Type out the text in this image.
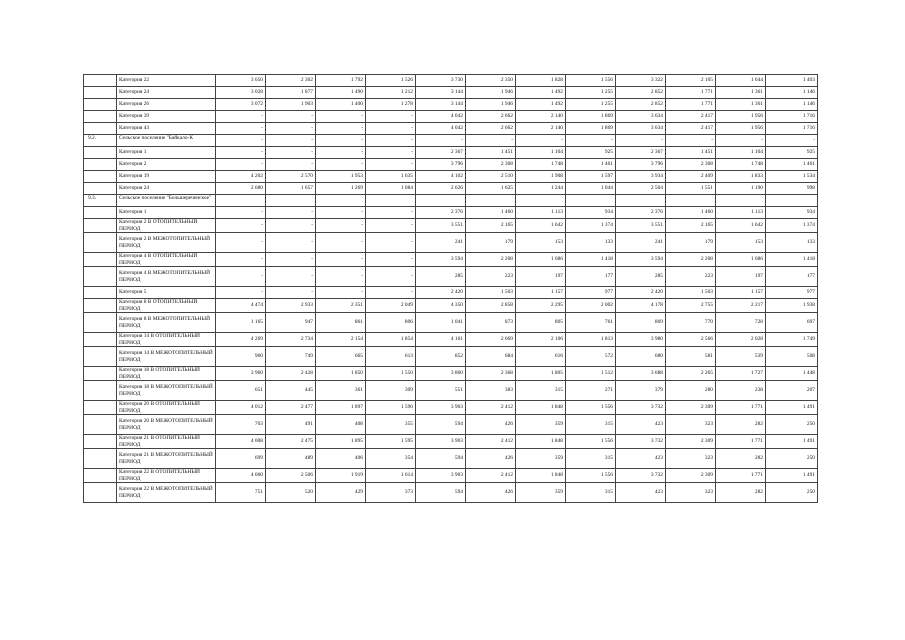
	Категория 22	3 650	2 302	1 792	1 526	3 730	2 350	1 828	1 556	3 322	2 105	1 644	1 403
	Категория 24	3 028	1 877	1 490	1 212	3 144	1 946	1 492	1 255	2 852	1 771	1 361	1 146
	Категория 26	3 072	1 903	1 400	1 278	3 144	1 946	1 492	1 255	2 852	1 771	1 361	1 146
	Категория 39	-	-	-	-	4 042	2 662	2 140	1 869	3 634	2 417	1 956	1 716
	Категория 43	-	-	-	-	4 042	2 662	2 140	1 869	3 634	2 417	1 956	1 716
9.2.	Сельское поселение "Байкало-К	-	-	-	-	-	-	-	-	-	-	-	-
	Категория 1	-	-	-	-	2 367	1 451	1 104	925	2 367	1 451	1 104	925
	Категория 2	-	-	-	-	3 796	2 308	1 748	1 461	3 796	2 308	1 748	1 461
	Категория 19	4 202	2 570	1 953	1 635	4 102	2 510	1 908	1 597	3 934	2 409	1 833	1 534
	Категория 24	2 680	1 657	1 269	1 084	2 626	1 625	1 244	1 044	2 504	1 551	1 190	998
9.3.	Сельское поселение "Большереченское"												
	Категория 1	-	-	-	-	2 376	1 460	1 113	934	2 376	1 460	1 113	934
	Категория 2 В ОТОПИТЕЛЬНЫЙ ПЕРИОД	-	-	-	-	3 551	2 165	1 642	1 374	3 551	2 165	1 642	1 374
	Категория 2 В МЕЖОТОПИТЕЛЬНЫЙ ПЕРИОД	-	-	-	-	241	179	153	133	241	179	153	133
	Категория 4 В ОТОПИТЕЛЬНЫЙ ПЕРИОД	-	-	-	-	3 594	2 208	1 686	1 418	3 594	2 208	1 686	1 418
	Категория 4 В МЕЖОТОПИТЕЛЬНЫЙ ПЕРИОД	-	-	-	-	285	223	197	177	285	223	197	177
	Категория 5	-	-	-	-	2 420	1 503	1 157	977	2 420	1 503	1 157	977
	Категория 8 В ОТОПИТЕЛЬНЫЙ ПЕРИОД	4 474	2 933	2 351	2 049	4 350	2 858	2 295	2 002	4 178	2 755	2 217	1 938
	Категория 8 В МЕЖОТОПИТЕЛЬНЫЙ ПЕРИОД	1 165	947	861	806	1 041	873	805	761	869	770	728	697
	Категория 14 В ОТОПИТЕЛЬНЫЙ ПЕРИОД	4 269	2 734	2 154	1 854	4 161	2 669	2 106	1 813	3 980	2 566	2 028	1 749
	Категория 14 В МЕЖОТОПИТЕЛЬНЫЙ ПЕРИОД	960	749	665	613	852	684	616	572	680	581	539	508
	Категория 18 В ОТОПИТЕЛЬНЫЙ ПЕРИОД	3 960	2 428	1 850	1 550	3 860	2 368	1 805	1 512	3 688	2 265	1 727	1 448
	Категория 18 В МЕЖОТОПИТЕЛЬНЫЙ ПЕРИОД	651	445	361	309	551	383	315	271	379	280	238	207
	Категория 20 В ОТОПИТЕЛЬНЫЙ ПЕРИОД	4 012	2 477	1 897	1 596	3 903	2 412	1 848	1 556	3 732	2 309	1 771	1 491
	Категория 20 В МЕЖОТОПИТЕЛЬНЫЙ ПЕРИОД	703	491	408	355	594	426	359	315	423	323	282	250
	Категория 21 В ОТОПИТЕЛЬНЫЙ ПЕРИОД	4 008	2 475	1 895	1 595	3 903	2 412	1 848	1 556	3 732	2 309	1 771	1 491
	Категория 21 В МЕЖОТОПИТЕЛЬНЫЙ ПЕРИОД	699	489	406	354	594	426	359	315	423	323	282	250
	Категория 22 В ОТОПИТЕЛЬНЫЙ ПЕРИОД	4 060	2 506	1 919	1 614	3 903	2 412	1 848	1 556	3 732	2 309	1 771	1 491
	Категория 22 В МЕЖОТОПИТЕЛЬНЫЙ ПЕРИОД	751	520	429	373	594	426	359	315	423	323	282	250
